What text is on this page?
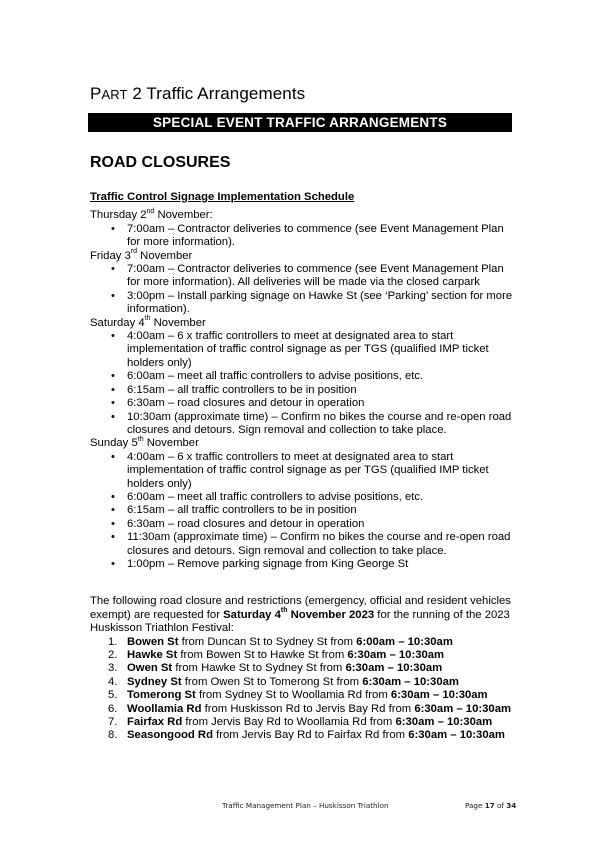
PART 2 Traffic Arrangements
SPECIAL EVENT TRAFFIC ARRANGEMENTS
ROAD CLOSURES
Traffic Control Signage Implementation Schedule
Thursday 2nd November:
• 7:00am – Contractor deliveries to commence (see Event Management Plan for more information).
Friday 3rd November
• 7:00am – Contractor deliveries to commence (see Event Management Plan for more information). All deliveries will be made via the closed carpark
• 3:00pm – Install parking signage on Hawke St (see ‘Parking’ section for more information).
Saturday 4th November
• 4:00am – 6 x traffic controllers to meet at designated area to start implementation of traffic control signage as per TGS (qualified IMP ticket holders only)
• 6:00am – meet all traffic controllers to advise positions, etc.
• 6:15am – all traffic controllers to be in position
• 6:30am – road closures and detour in operation
• 10:30am (approximate time) – Confirm no bikes the course and re-open road closures and detours. Sign removal and collection to take place.
Sunday 5th November
• 4:00am – 6 x traffic controllers to meet at designated area to start implementation of traffic control signage as per TGS (qualified IMP ticket holders only)
• 6:00am – meet all traffic controllers to advise positions, etc.
• 6:15am – all traffic controllers to be in position
• 6:30am – road closures and detour in operation
• 11:30am (approximate time) – Confirm no bikes the course and re-open road closures and detours. Sign removal and collection to take place.
• 1:00pm – Remove parking signage from King George St
The following road closure and restrictions (emergency, official and resident vehicles exempt) are requested for Saturday 4th November 2023 for the running of the 2023 Huskisson Triathlon Festival:
1. Bowen St from Duncan St to Sydney St from 6:00am – 10:30am
2. Hawke St from Bowen St to Hawke St from 6:30am – 10:30am
3. Owen St from Hawke St to Sydney St from 6:30am – 10:30am
4. Sydney St from Owen St to Tomerong St from 6:30am – 10:30am
5. Tomerong St from Sydney St to Woollamia Rd from 6:30am – 10:30am
6. Woollamia Rd from Huskisson Rd to Jervis Bay Rd from 6:30am – 10:30am
7. Fairfax Rd from Jervis Bay Rd to Woollamia Rd from 6:30am – 10:30am
8. Seasongood Rd from Jervis Bay Rd to Fairfax Rd from 6:30am – 10:30am
Traffic Management Plan – Huskisson Triathlon	Page 17 of 34
